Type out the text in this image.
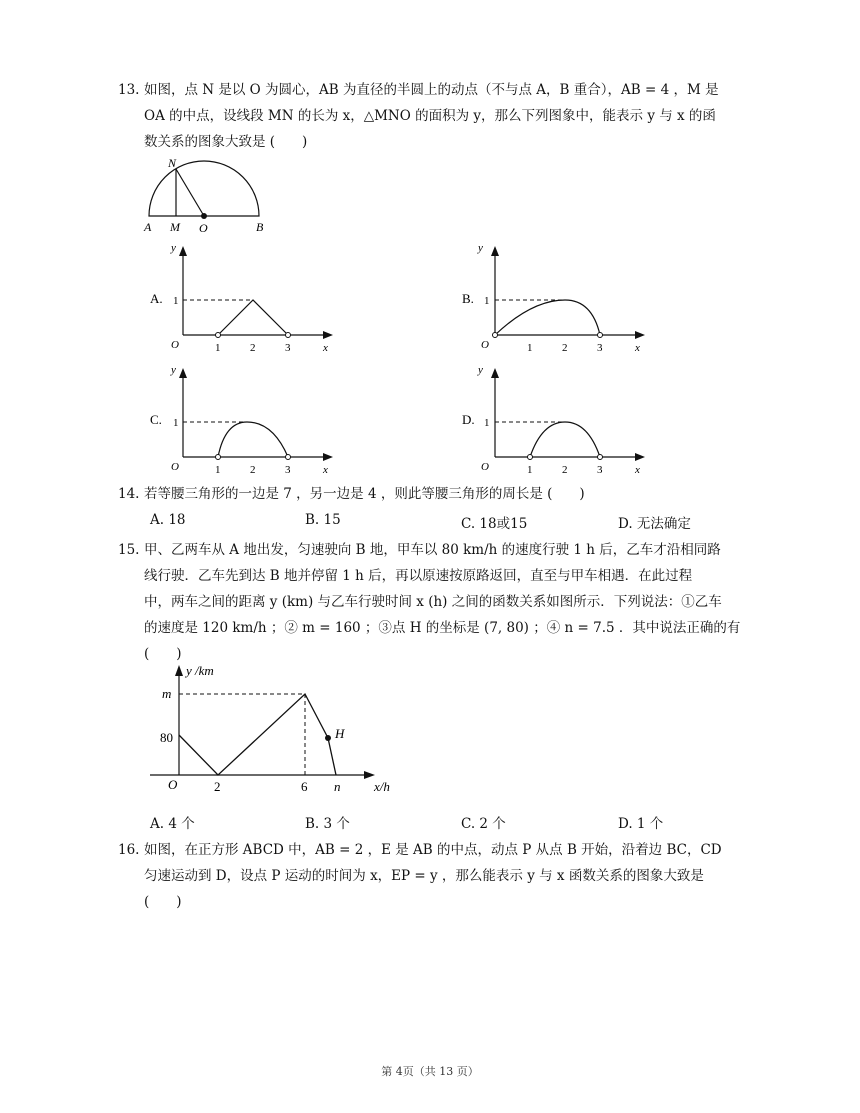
13. 如图，点 N 是以 O 为圆心，AB 为直径的半圆上的动点（不与点 A，B 重合），AB = 4 ，M 是
OA 的中点，设线段 MN 的长为 x，△MNO 的面积为 y，那么下列图象中，能表示 y 与 x 的函
数关系的图象大致是 (　　)
N
A M O	B
A.
y
1
O	1	2	3	x
B.
y
1
O	1	2	3	x
C.
y
1
O	1	2	3	x
D.
y
1
O	1	2	3	x
14. 若等腰三角形的一边是 7 ，另一边是 4 ，则此等腰三角形的周长是 (　　)
A. 18	B. 15	C. 18或15	D. 无法确定
15. 甲、乙两车从 A 地出发，匀速驶向 B 地，甲车以 80 km/h 的速度行驶 1 h 后，乙车才沿相同路
线行驶．乙车先到达 B 地并停留 1 h 后，再以原速按原路返回，直至与甲车相遇．在此过程
中，两车之间的距离 y (km) 与乙车行驶时间 x (h) 之间的函数关系如图所示．下列说法：①乙车
的速度是 120 km/h ；② m = 160 ；③点 H 的坐标是 (7, 80) ；④ n = 7.5 ．其中说法正确的有
(　　)
y /km
m
80
O	2	6 n	x/h
H
A. 4 个	B. 3 个	C. 2 个	D. 1 个
16. 如图，在正方形 ABCD 中，AB = 2 ，E 是 AB 的中点，动点 P 从点 B 开始，沿着边 BC，CD
匀速运动到 D，设点 P 运动的时间为 x，EP = y ，那么能表示 y 与 x 函数关系的图象大致是
(　　)
第 4页（共 13 页）
